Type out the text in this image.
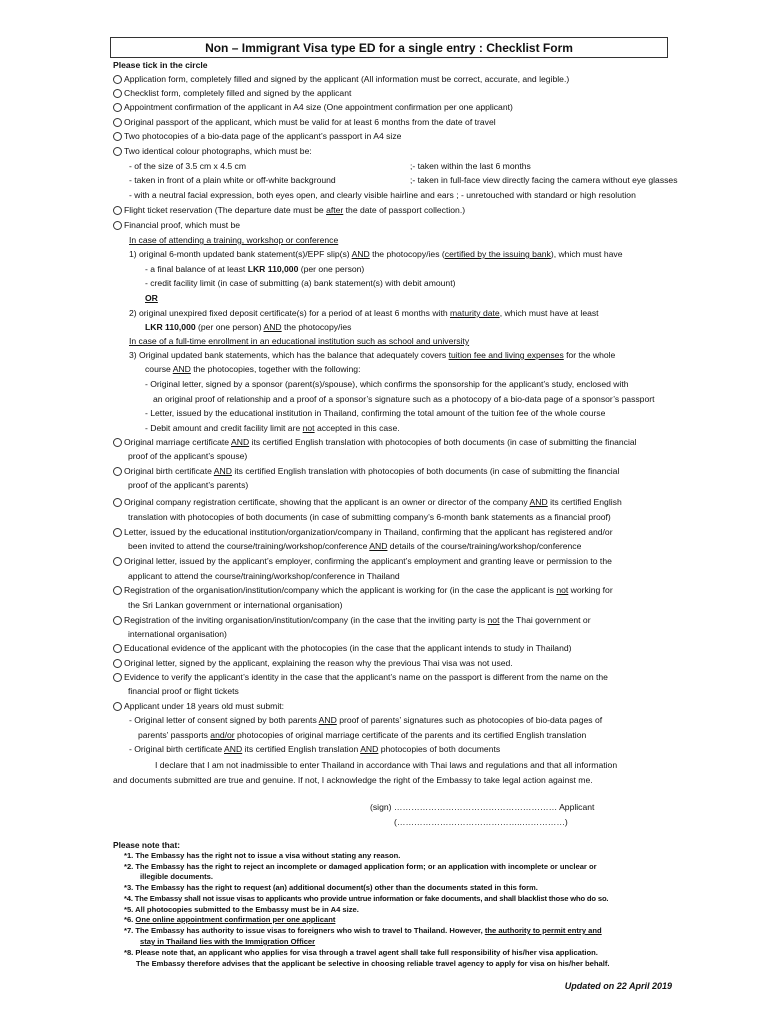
Non – Immigrant Visa type ED for a single entry : Checklist Form
Please tick in the circle
Application form, completely filled and signed by the applicant (All information must be correct, accurate, and legible.)
Checklist form, completely filled and signed by the applicant
Appointment confirmation of the applicant in A4 size (One appointment confirmation per one applicant)
Original passport of the applicant, which must be valid for at least 6 months from the date of travel
Two photocopies of a bio-data page of the applicant’s passport in A4 size
Two identical colour photographs, which must be:
- of the size of 3.5 cm x 4.5 cm	;- taken within the last 6 months
- taken in front of a plain white or off-white background	;- taken in full-face view directly facing the camera without eye glasses
- with a neutral facial expression, both eyes open, and clearly visible hairline and ears ; - unretouched with standard or high resolution
Flight ticket reservation (The departure date must be after the date of passport collection.)
Financial proof, which must be
In case of attending a training, workshop or conference
1) original 6-month updated bank statement(s)/EPF slip(s) AND the photocopy/ies (certified by the issuing bank), which must have
- a final balance of at least LKR 110,000 (per one person)
- credit facility limit (in case of submitting (a) bank statement(s) with debit amount)
OR
2) original unexpired fixed deposit certificate(s) for a period of at least 6 months with maturity date, which must have at least
LKR 110,000 (per one person) AND the photocopy/ies
In case of a full-time enrollment in an educational institution such as school and university
3) Original updated bank statements, which has the balance that adequately covers tuition fee and living expenses for the whole
course AND the photocopies, together with the following:
- Original letter, signed by a sponsor (parent(s)/spouse), which confirms the sponsorship for the applicant’s study, enclosed with
an original proof of relationship and a proof of a sponsor’s signature such as a photocopy of a bio-data page of a sponsor’s passport
- Letter, issued by the educational institution in Thailand, confirming the total amount of the tuition fee of the whole course
- Debit amount and credit facility limit are not accepted in this case.
Original marriage certificate AND its certified English translation with photocopies of both documents (in case of submitting the financial
proof of the applicant’s spouse)
Original birth certificate AND its certified English translation with photocopies of both documents (in case of submitting the financial
proof of the applicant’s parents)
Original company registration certificate, showing that the applicant is an owner or director of the company AND its certified English
translation with photocopies of both documents (in case of submitting company’s 6-month bank statements as a financial proof)
Letter, issued by the educational institution/organization/company in Thailand, confirming that the applicant has registered and/or
been invited to attend the course/training/workshop/conference AND details of the course/training/workshop/conference
Original letter, issued by the applicant’s employer, confirming the applicant’s employment and granting leave or permission to the
applicant to attend the course/training/workshop/conference in Thailand
Registration of the organisation/institution/company which the applicant is working for (in the case the applicant is not working for
the Sri Lankan government or international organisation)
Registration of the inviting organisation/institution/company (in the case that the inviting party is not the Thai government or
international organisation)
Educational evidence of the applicant with the photocopies (in the case that the applicant intends to study in Thailand)
Original letter, signed by the applicant, explaining the reason why the previous Thai visa was not used.
Evidence to verify the applicant’s identity in the case that the applicant’s name on the passport is different from the name on the
financial proof or flight tickets
Applicant under 18 years old must submit:
- Original letter of consent signed by both parents AND proof of parents’ signatures such as photocopies of bio-data pages of
parents’ passports and/or photocopies of original marriage certificate of the parents and its certified English translation
- Original birth certificate AND its certified English translation AND photocopies of both documents
I declare that I am not inadmissible to enter Thailand in accordance with Thai laws and regulations and that all information
and documents submitted are true and genuine. If not, I acknowledge the right of the Embassy to take legal action against me.
(sign) ………………………………………………… Applicant
(……………………………………..……………)
Please note that:
*1. The Embassy has the right not to issue a visa without stating any reason.
*2. The Embassy has the right to reject an incomplete or damaged application form; or an application with incomplete or unclear or
illegible documents.
*3. The Embassy has the right to request (an) additional document(s) other than the documents stated in this form.
*4. The Embassy shall not issue visas to applicants who provide untrue information or fake documents, and shall blacklist those who do so.
*5. All photocopies submitted to the Embassy must be in A4 size.
*6. One online appointment confirmation per one applicant
*7. The Embassy has authority to issue visas to foreigners who wish to travel to Thailand. However, the authority to permit entry and
stay in Thailand lies with the Immigration Officer
*8. Please note that, an applicant who applies for visa through a travel agent shall take full responsibility of his/her visa application.
The Embassy therefore advises that the applicant be selective in choosing reliable travel agency to apply for visa on his/her behalf.
Updated on 22 April 2019
